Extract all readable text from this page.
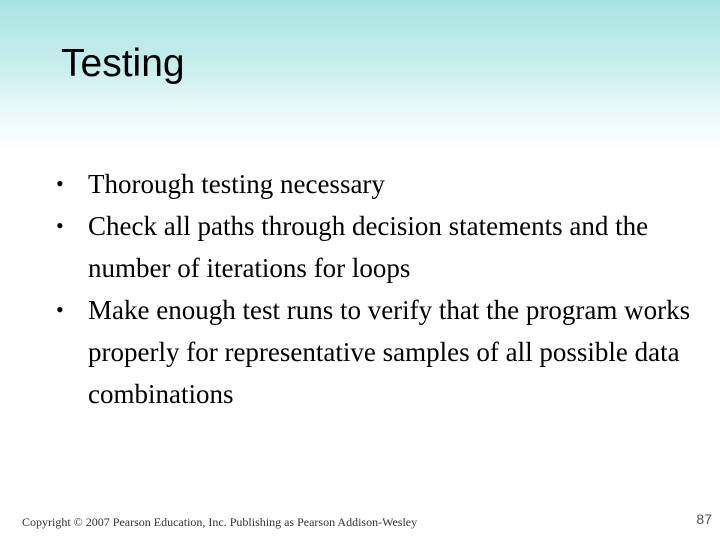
Testing
• Thorough testing necessary
• Check all paths through decision statements and the number of iterations for loops
• Make enough test runs to verify that the program works properly for representative samples of all possible data combinations
Copyright © 2007 Pearson Education, Inc. Publishing as Pearson Addison-Wesley	87
